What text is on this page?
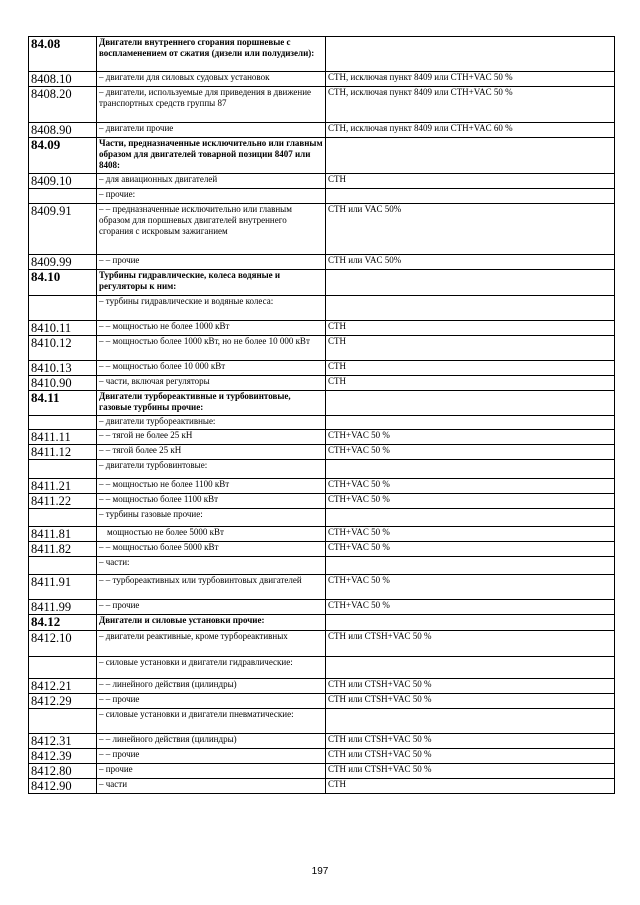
84.08	Двигатели внутреннего сгорания поршневые с воспламенением от сжатия (дизели или полудизели):	
8408.10	– двигатели для силовых судовых установок	СТН, исключая пункт 8409 или СТН+VAC 50 %
8408.20	– двигатели, используемые для приведения в движение транспортных средств группы 87	СТН, исключая пункт 8409 или СТН+VAC 50 %
8408.90	– двигатели прочие	СТН, исключая пункт 8409 или СТН+VAC 60 %
84.09	Части, предназначенные исключительно или главным образом для двигателей товарной позиции 8407 или 8408:	
8409.10	– для авиационных двигателей	СТН
	– прочие:	
8409.91	– – предназначенные исключительно или главным образом для поршневых двигателей внутреннего сгорания с искровым зажиганием	СТН или VAC 50%
8409.99	– – прочие	СТН или VAC 50%
84.10	Турбины гидравлические, колеса водяные и регуляторы к ним:	
	– турбины гидравлические и водяные колеса:	
8410.11	– – мощностью не более 1000 кВт	СТН
8410.12	– – мощностью более 1000 кВт, но не более 10 000 кВт	СТН
8410.13	– – мощностью более 10 000 кВт	СТН
8410.90	– части, включая регуляторы	СТН
84.11	Двигатели турбореактивные и турбовинтовые, газовые турбины прочие:	
	– двигатели турбореактивные:	
8411.11	– – тягой не более 25 кН	СТН+VAC 50 %
8411.12	– – тягой более 25 кН	СТН+VAC 50 %
	– двигатели турбовинтовые:	
8411.21	– – мощностью не более 1100 кВт	СТН+VAC 50 %
8411.22	– – мощностью более 1100 кВт	СТН+VAC 50 %
	– турбины газовые прочие:	
8411.81	мощностью не более 5000 кВт	СТН+VAC 50 %
8411.82	– – мощностью более 5000 кВт	СТН+VAC 50 %
	– части:	
8411.91	– – турбореактивных или турбовинтовых двигателей	СТН+VAC 50 %
8411.99	– – прочие	СТН+VAC 50 %
84.12	Двигатели и силовые установки прочие:	
8412.10	– двигатели реактивные, кроме турбореактивных	СТН или CTSH+VAC 50 %
	– силовые установки и двигатели гидравлические:	
8412.21	– – линейного действия (цилиндры)	СТН или CTSH+VAC 50 %
8412.29	– – прочие	СТН или CTSH+VAC 50 %
	– силовые установки и двигатели пневматические:	
8412.31	– – линейного действия (цилиндры)	СТН или CTSH+VAC 50 %
8412.39	– – прочие	СТН или CTSH+VAC 50 %
8412.80	– прочие	СТН или CTSH+VAC 50 %
8412.90	– части	СТН
197
